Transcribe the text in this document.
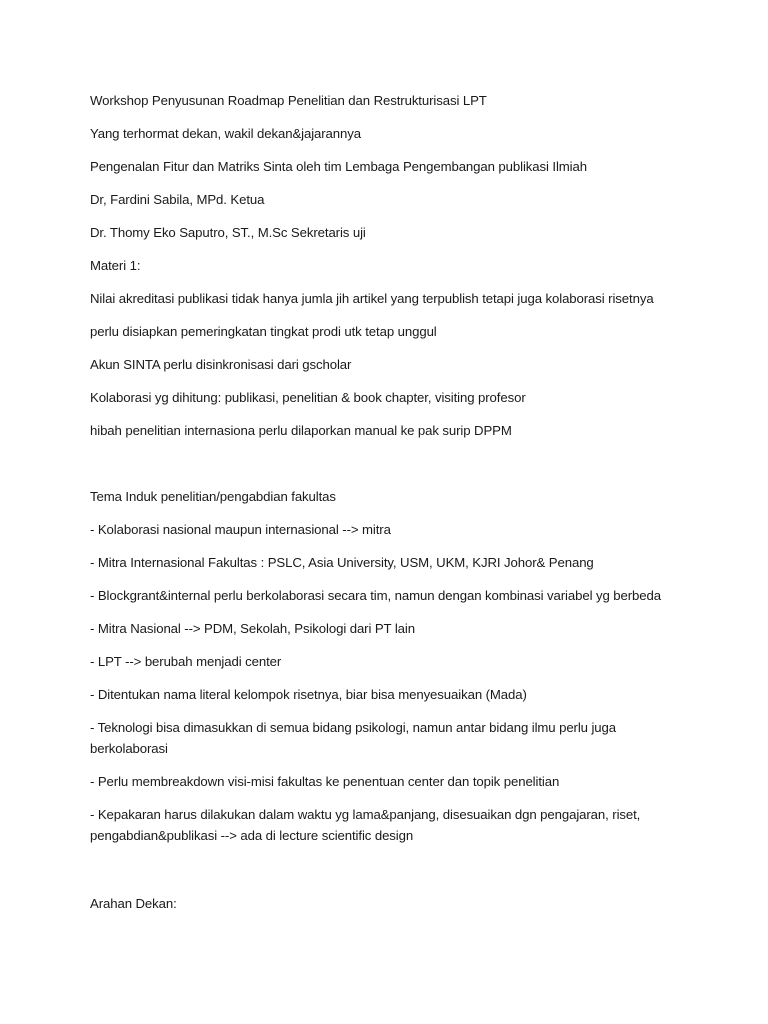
Workshop Penyusunan Roadmap Penelitian dan Restrukturisasi LPT

Yang terhormat dekan, wakil dekan&jajarannya

Pengenalan Fitur dan Matriks Sinta oleh tim Lembaga Pengembangan publikasi Ilmiah

Dr, Fardini Sabila, MPd. Ketua

Dr. Thomy Eko Saputro, ST., M.Sc Sekretaris uji

Materi 1:

Nilai akreditasi publikasi tidak hanya jumla jih artikel yang terpublish tetapi juga kolaborasi risetnya

perlu disiapkan pemeringkatan tingkat prodi utk tetap unggul

Akun SINTA perlu disinkronisasi dari gscholar

Kolaborasi yg dihitung: publikasi, penelitian & book chapter, visiting profesor

hibah penelitian internasiona perlu dilaporkan manual ke pak surip DPPM

Tema Induk penelitian/pengabdian fakultas

- Kolaborasi nasional maupun internasional --> mitra

- Mitra Internasional Fakultas : PSLC, Asia University, USM, UKM, KJRI Johor& Penang

- Blockgrant&internal perlu berkolaborasi secara tim, namun dengan kombinasi variabel yg berbeda

- Mitra Nasional --> PDM, Sekolah, Psikologi dari PT lain

- LPT --> berubah menjadi center

- Ditentukan nama literal kelompok risetnya, biar bisa menyesuaikan (Mada)

- Teknologi bisa dimasukkan di semua bidang psikologi, namun antar bidang ilmu perlu juga berkolaborasi

- Perlu membreakdown visi-misi fakultas ke penentuan center dan topik penelitian

- Kepakaran harus dilakukan dalam waktu yg lama&panjang, disesuaikan dgn pengajaran, riset, pengabdian&publikasi --> ada di lecture scientific design

Arahan Dekan:
